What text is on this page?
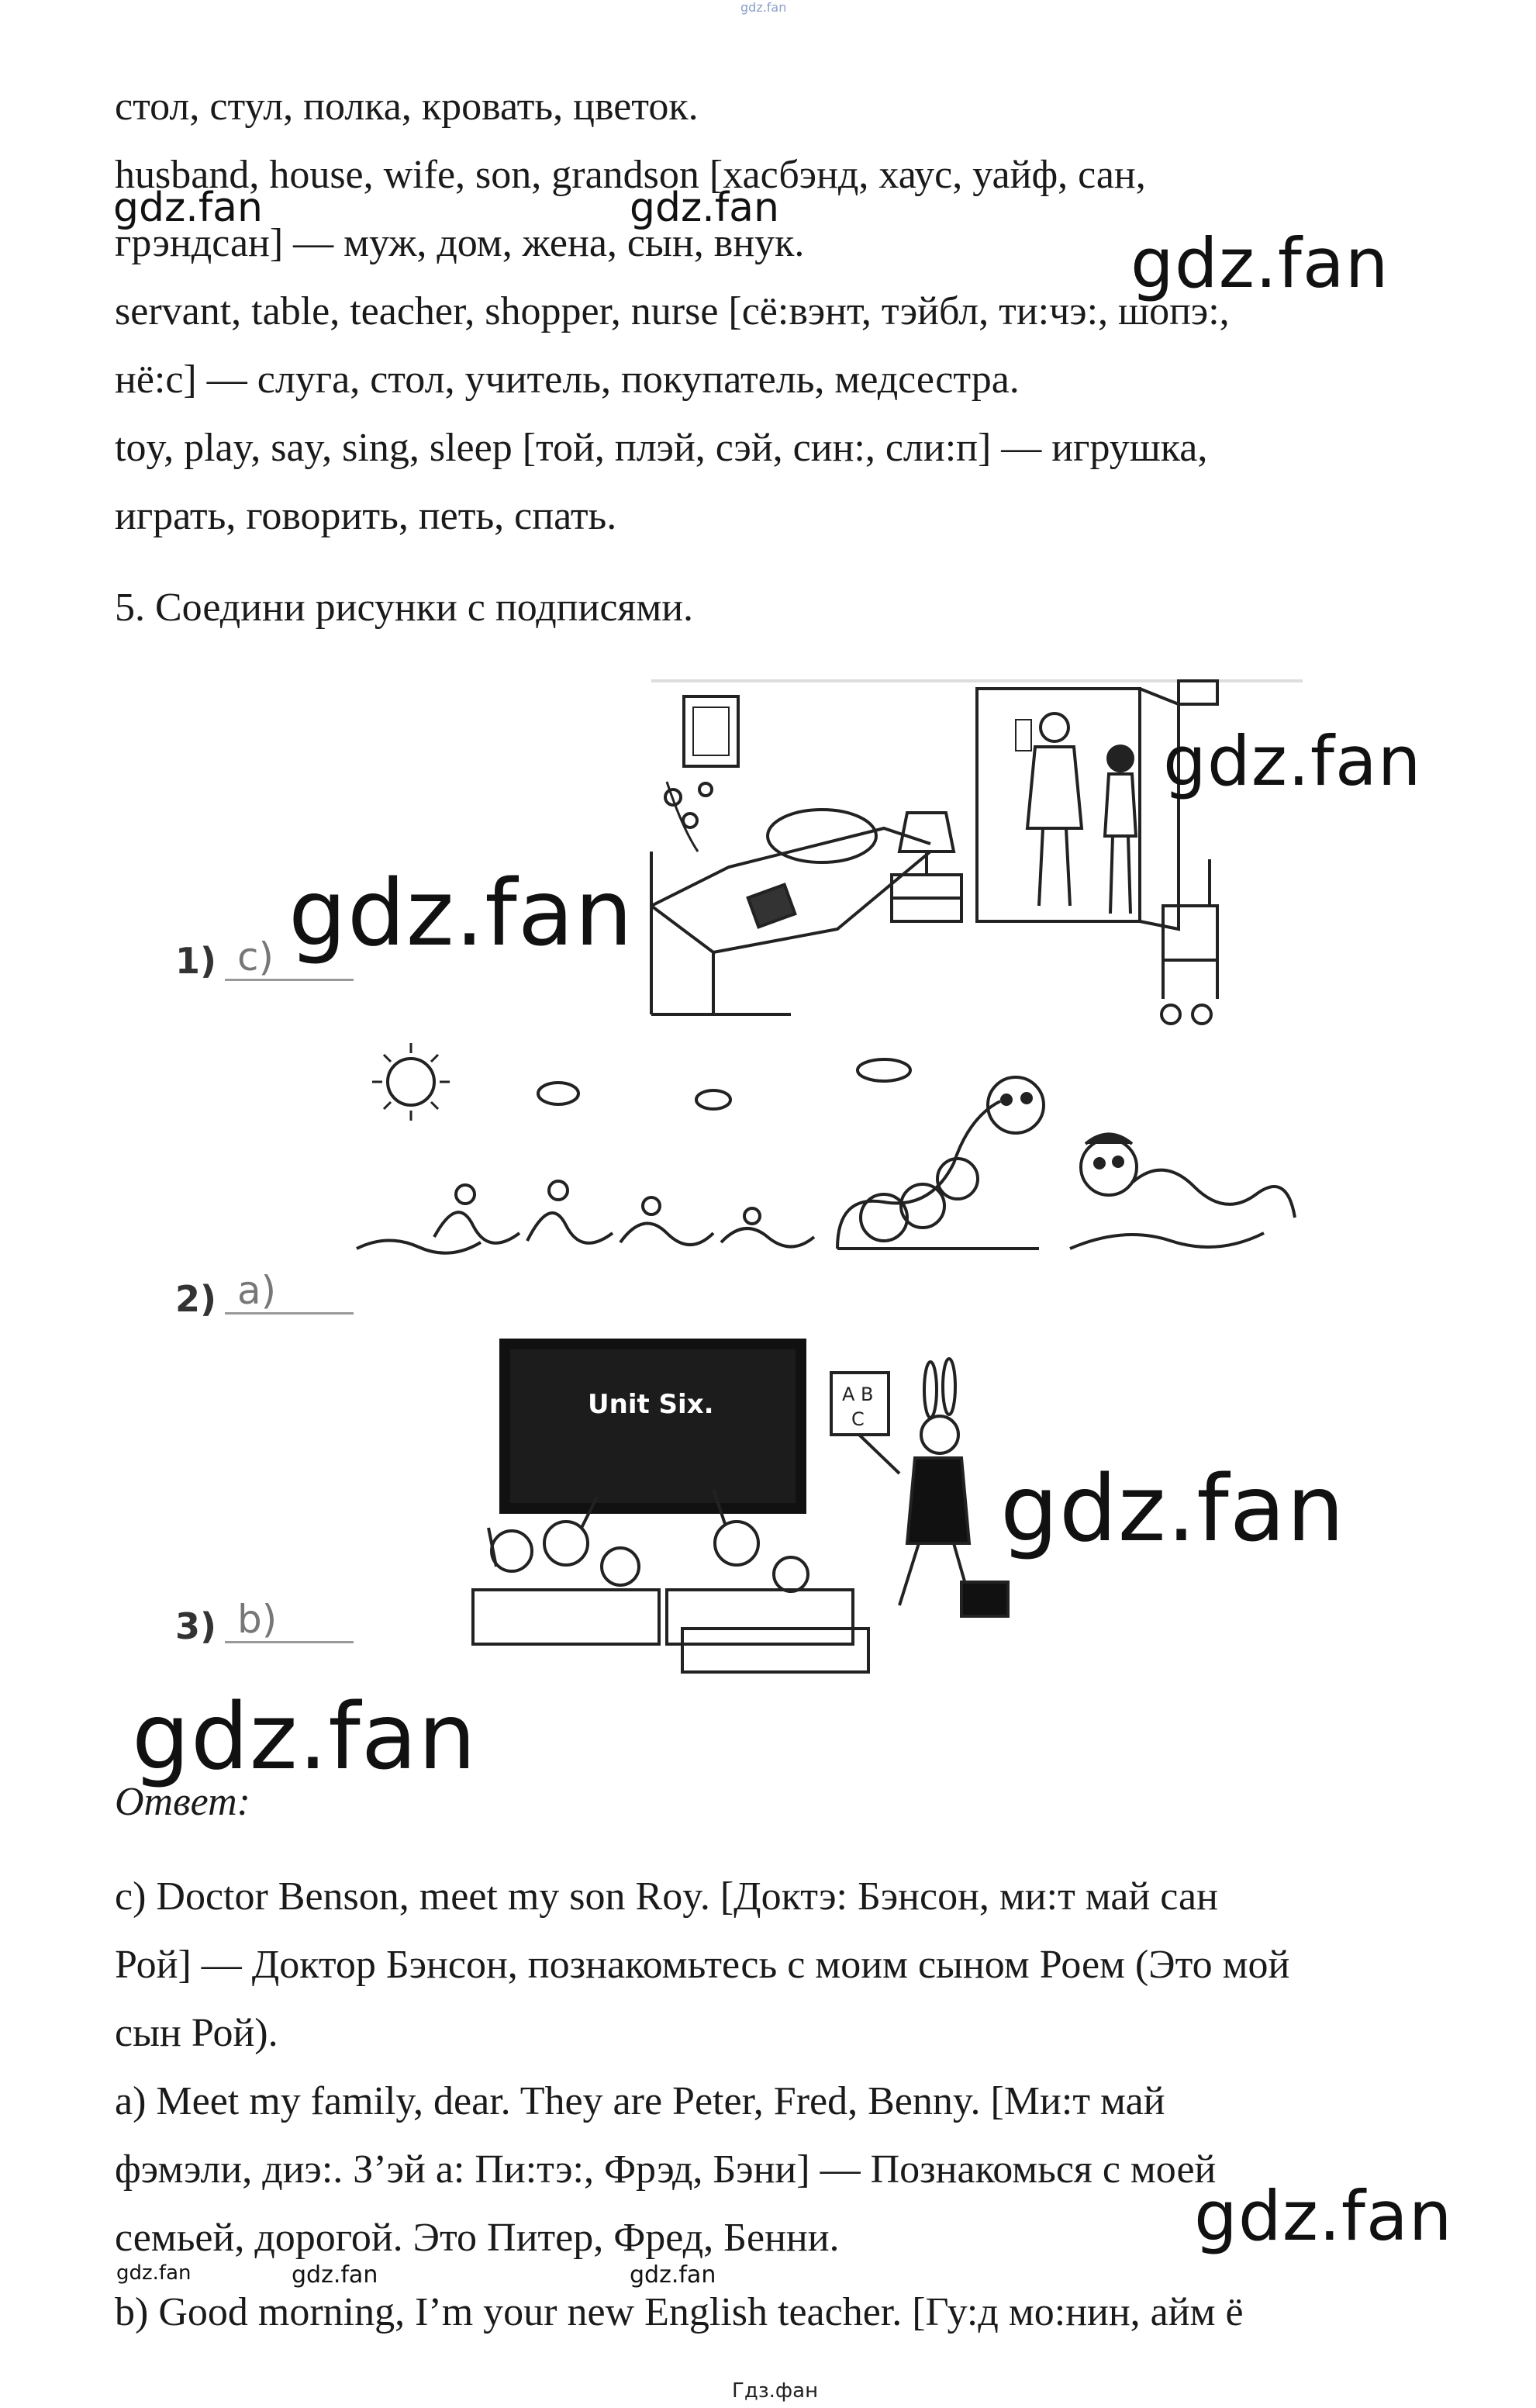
gdz.fan
стол, стул, полка, кровать, цветок.
husband, house, wife, son, grandson [хасбэнд, хаус, уайф, сан,
грэндсан] — муж, дом, жена, сын, внук.
servant, table, teacher, shopper, nurse [сё:вэнт, тэйбл, ти:чэ:, шопэ:,
нё:с] — слуга, стол, учитель, покупатель, медсестра.
toy, play, say, sing, sleep [той, плэй, сэй, син:, сли:п] — игрушка,
играть, говорить, петь, спать.
5. Соедини рисунки с подписями.
gdz.fan	gdz.fan
gdz.fan
gdz.fan
1) c) gdz.fan
2) a)
Unit Six.	A B
C
gdz.fan
3) b)
gdz.fan
Ответ:
c) Doctor Benson, meet my son Roy. [Доктэ: Бэнсон, ми:т май сан
Рой] — Доктор Бэнсон, познакомьтесь с моим сыном Роем (Это мой
сын Рой).
a) Meet my family, dear. They are Peter, Fred, Benny. [Ми:т май
фэмэли, диэ:. З’эй а: Пи:тэ:, Фрэд, Бэни] — Познакомься с моей
семьей, дорогой. Это Питер, Фред, Бенни.
b) Good morning, I’m your new English teacher. [Гу:д мо:нин, айм ё
gdz.fan
gdz.fan	gdz.fan	gdz.fan
Гдз.фан
